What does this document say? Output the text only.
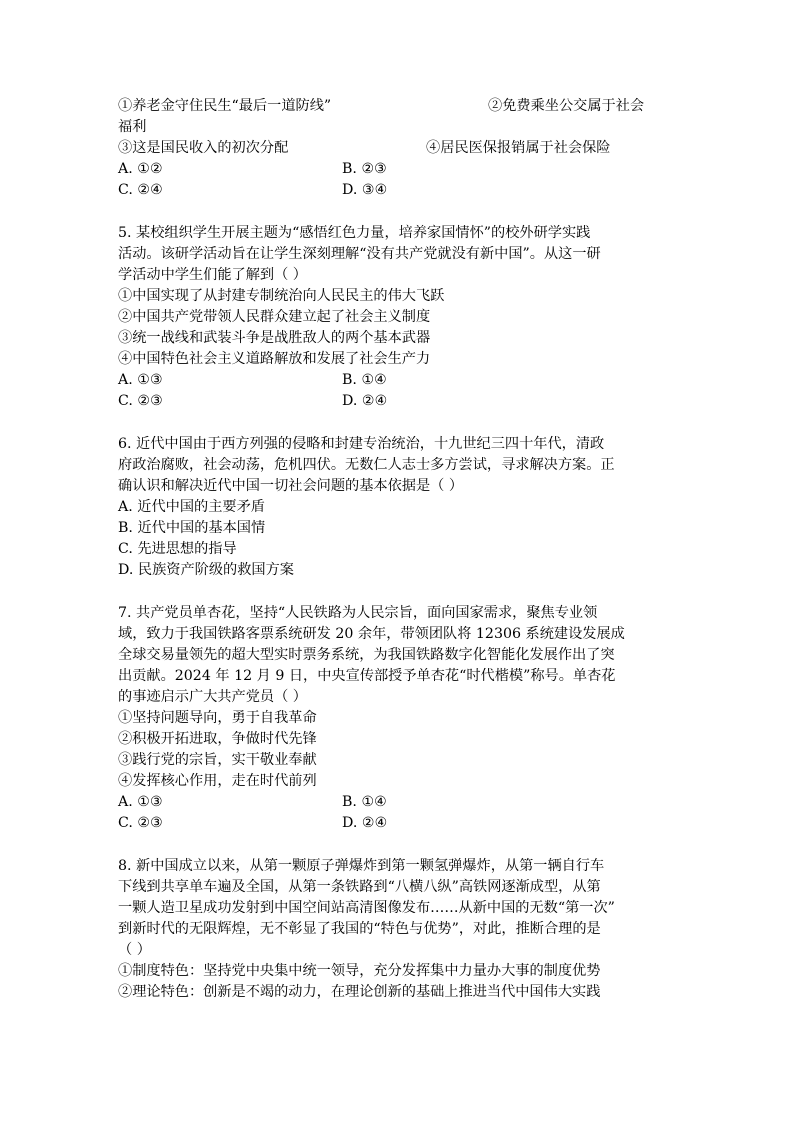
①养老金守住民生“最后一道防线”	②免费乘坐公交属于社会
福利
③这是国民收入的初次分配	④居民医保报销属于社会保险
A. ①②	B. ②③
C. ②④	D. ③④
5. 某校组织学生开展主题为“感悟红色力量，培养家国情怀”的校外研学实践
活动。该研学活动旨在让学生深刻理解“没有共产党就没有新中国”。从这一研
学活动中学生们能了解到（ ）
①中国实现了从封建专制统治向人民民主的伟大飞跃
②中国共产党带领人民群众建立起了社会主义制度
③统一战线和武装斗争是战胜敌人的两个基本武器
④中国特色社会主义道路解放和发展了社会生产力
A. ①③	B. ①④
C. ②③	D. ②④
6. 近代中国由于西方列强的侵略和封建专治统治，十九世纪三四十年代，清政
府政治腐败，社会动荡，危机四伏。无数仁人志士多方尝试，寻求解决方案。正
确认识和解决近代中国一切社会问题的基本依据是（ ）
A. 近代中国的主要矛盾
B. 近代中国的基本国情
C. 先进思想的指导
D. 民族资产阶级的救国方案
7. 共产党员单杏花，坚持“人民铁路为人民宗旨，面向国家需求，聚焦专业领
域，致力于我国铁路客票系统研发 20 余年，带领团队将 12306 系统建设发展成
全球交易量领先的超大型实时票务系统，为我国铁路数字化智能化发展作出了突
出贡献。2024 年 12 月 9 日，中央宣传部授予单杏花“时代楷模”称号。单杏花
的事迹启示广大共产党员（ ）
①坚持问题导向，勇于自我革命
②积极开拓进取，争做时代先锋
③践行党的宗旨，实干敬业奉献
④发挥核心作用，走在时代前列
A. ①③	B. ①④
C. ②③	D. ②④
8. 新中国成立以来，从第一颗原子弹爆炸到第一颗氢弹爆炸，从第一辆自行车
下线到共享单车遍及全国，从第一条铁路到“八横八纵”高铁网逐渐成型，从第
一颗人造卫星成功发射到中国空间站高清图像发布……从新中国的无数“第一次”
到新时代的无限辉煌，无不彰显了我国的“特色与优势”，对此，推断合理的是
（ ）
①制度特色：坚持党中央集中统一领导，充分发挥集中力量办大事的制度优势
②理论特色：创新是不竭的动力，在理论创新的基础上推进当代中国伟大实践
